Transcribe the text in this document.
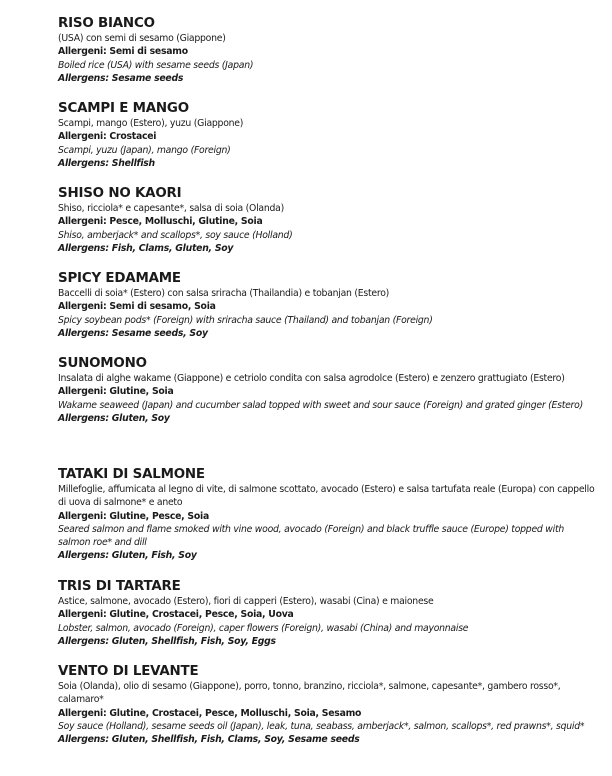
RISO BIANCO
(USA) con semi di sesamo (Giappone)
Allergeni: Semi di sesamo
Boiled rice (USA) with sesame seeds (Japan)
Allergens: Sesame seeds
SCAMPI E MANGO
Scampi, mango (Estero), yuzu (Giappone)
Allergeni: Crostacei
Scampi, yuzu (Japan), mango (Foreign)
Allergens: Shellfish
SHISO NO KAORI
Shiso, ricciola* e capesante*, salsa di soia (Olanda)
Allergeni: Pesce, Molluschi, Glutine, Soia
Shiso, amberjack* and scallops*, soy sauce (Holland)
Allergens: Fish, Clams, Gluten, Soy
SPICY EDAMAME
Baccelli di soia* (Estero) con salsa sriracha (Thailandia) e tobanjan (Estero)
Allergeni: Semi di sesamo, Soia
Spicy soybean pods* (Foreign) with sriracha sauce (Thailand) and tobanjan (Foreign)
Allergens: Sesame seeds, Soy
SUNOMONO
Insalata di alghe wakame (Giappone) e cetriolo condita con salsa agrodolce (Estero) e zenzero grattugiato (Estero)
Allergeni: Glutine, Soia
Wakame seaweed (Japan) and cucumber salad topped with sweet and sour sauce (Foreign) and grated ginger (Estero)
Allergens: Gluten, Soy
TATAKI DI SALMONE
Millefoglie, affumicata al legno di vite, di salmone scottato, avocado (Estero) e salsa tartufata reale (Europa) con cappello di uova di salmone* e aneto
Allergeni: Glutine, Pesce, Soia
Seared salmon and flame smoked with vine wood, avocado (Foreign) and black truffle sauce (Europe) topped with salmon roe* and dill
Allergens: Gluten, Fish, Soy
TRIS DI TARTARE
Astice, salmone, avocado (Estero), fiori di capperi (Estero), wasabi (Cina) e maionese
Allergeni: Glutine, Crostacei, Pesce, Soia, Uova
Lobster, salmon, avocado (Foreign), caper flowers (Foreign), wasabi (China) and mayonnaise
Allergens: Gluten, Shellfish, Fish, Soy, Eggs
VENTO DI LEVANTE
Soia (Olanda), olio di sesamo (Giappone), porro, tonno, branzino, ricciola*, salmone, capesante*, gambero rosso*, calamaro*
Allergeni: Glutine, Crostacei, Pesce, Molluschi, Soia, Sesamo
Soy sauce (Holland), sesame seeds oil (Japan), leak, tuna, seabass, amberjack*, salmon, scallops*, red prawns*, squid*
Allergens: Gluten, Shellfish, Fish, Clams, Soy, Sesame seeds
